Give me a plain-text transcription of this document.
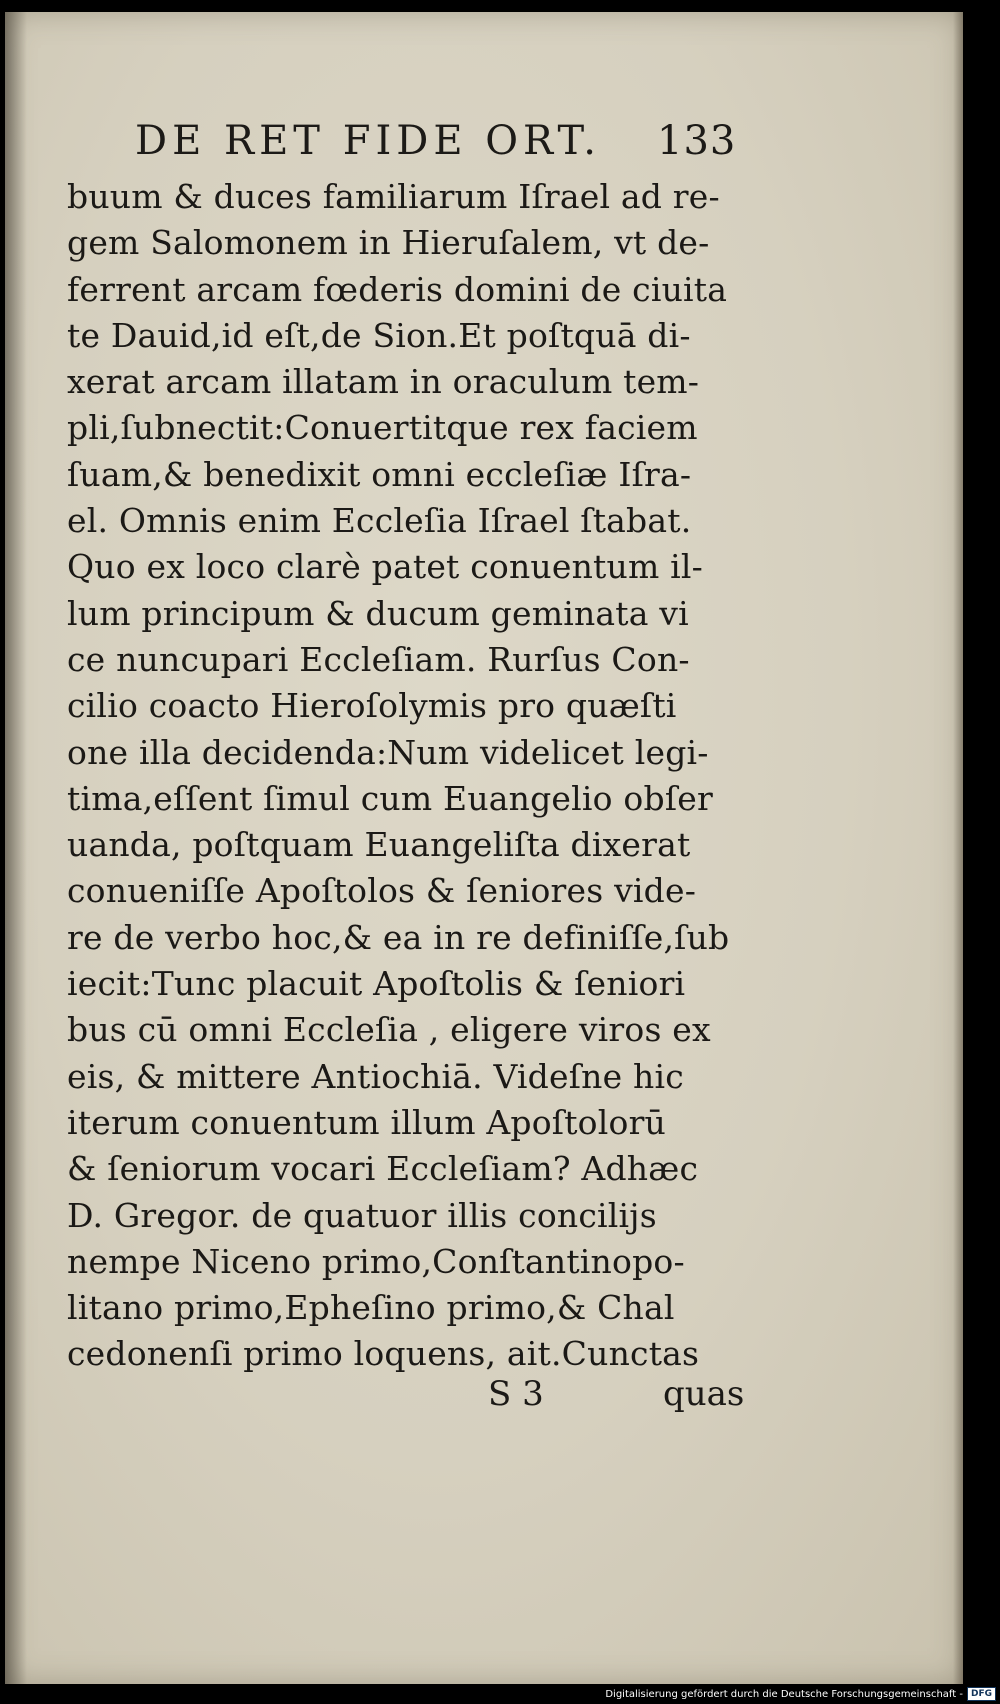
DE RET FIDE ORT. 133
buum & duces familiarum Iſrael ad re-
gem Salomonem in Hieruſalem, vt de-
ferrent arcam fœderis domini de ciuita
te Dauid,id eſt,de Sion.Et poſtquā di-
xerat arcam illatam in oraculum tem-
pli,ſubnectit:Conuertitque rex faciem
ſuam,& benedixit omni eccleſiæ Iſra-
el. Omnis enim Eccleſia Iſrael ſtabat.
Quo ex loco clarè patet conuentum il-
lum principum & ducum geminata vi
ce nuncupari Eccleſiam. Rurſus Con-
cilio coacto Hieroſolymis pro quæſti
one illa decidenda:Num videlicet legi-
tima,eſſent ſimul cum Euangelio obſer
uanda, poſtquam Euangeliſta dixerat
conueniſſe Apoſtolos & ſeniores vide-
re de verbo hoc,& ea in re definiſſe,ſub
iecit:Tunc placuit Apoſtolis & ſeniori
bus cū omni Eccleſia , eligere viros ex
eis, & mittere Antiochiā. Videſne hic
iterum conuentum illum Apoſtolorū
& ſeniorum vocari Eccleſiam? Adhæc
D. Gregor. de quatuor illis concilijs
nempe Niceno primo,Conſtantinopo-
litano primo,Epheſino primo,& Chal
cedonenſi primo loquens, ait.Cunctas
S 3	quas
Digitalisierung gefördert durch die Deutsche Forschungsgemeinschaft - DFG
